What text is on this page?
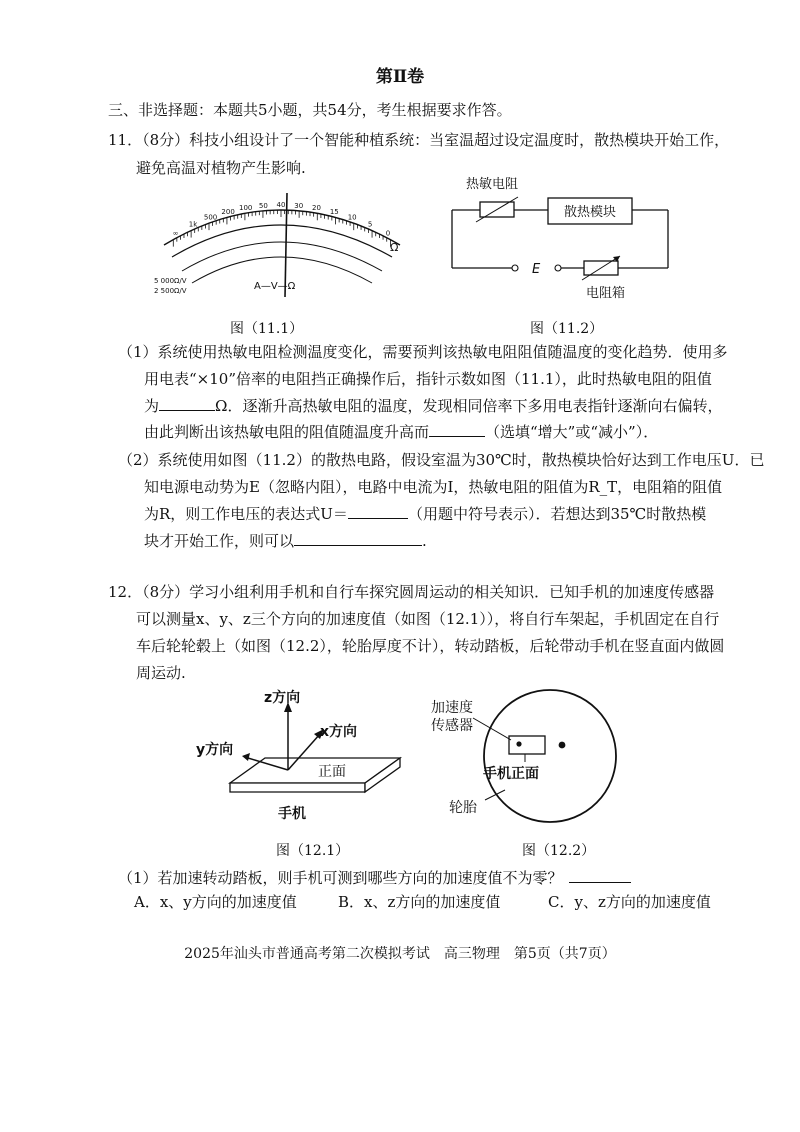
第Ⅱ卷
三、非选择题：本题共5小题，共54分，考生根据要求作答。
11．（8分）科技小组设计了一个智能种植系统：当室温超过设定温度时，散热模块开始工作，
避免高温对植物产生影响.
5 000Ω/V
2 500Ω/V	A—V—Ω
Ω
∞
1k
500
200 100 50 40 30 20 15
10
5
0
图（11.1）
热敏电阻
散热模块
E
电阻箱
图（11.2）
（1）系统使用热敏电阻检测温度变化，需要预判该热敏电阻阻值随温度的变化趋势．使用多
用电表“×10”倍率的电阻挡正确操作后，指针示数如图（11.1），此时热敏电阻的阻值
为	Ω．逐渐升高热敏电阻的温度，发现相同倍率下多用电表指针逐渐向右偏转，
由此判断出该热敏电阻的阻值随温度升高而	（选填“增大”或“减小”）．
（2）系统使用如图（11.2）的散热电路，假设室温为30℃时，散热模块恰好达到工作电压U．已
知电源电动势为E（忽略内阻），电路中电流为I，热敏电阻的阻值为R_T，电阻箱的阻值
为R，则工作电压的表达式U＝	（用题中符号表示）．若想达到35℃时散热模
块才开始工作，则可以	.
12．（8分）学习小组利用手机和自行车探究圆周运动的相关知识．已知手机的加速度传感器
可以测量x、y、z三个方向的加速度值（如图（12.1）），将自行车架起，手机固定在自行
车后轮轮毂上（如图（12.2），轮胎厚度不计），转动踏板，后轮带动手机在竖直面内做圆
周运动.
z方向
x方向
y方向
正面
手机
图（12.1）
加速度
传感器
手机正面
轮胎
图（12.2）
（1）若加速转动踏板，则手机可测到哪些方向的加速度值不为零？
A．x、y方向的加速度值	B．x、z方向的加速度值	C．y、z方向的加速度值
2025年汕头市普通高考第二次模拟考试　高三物理　第5页（共7页）
